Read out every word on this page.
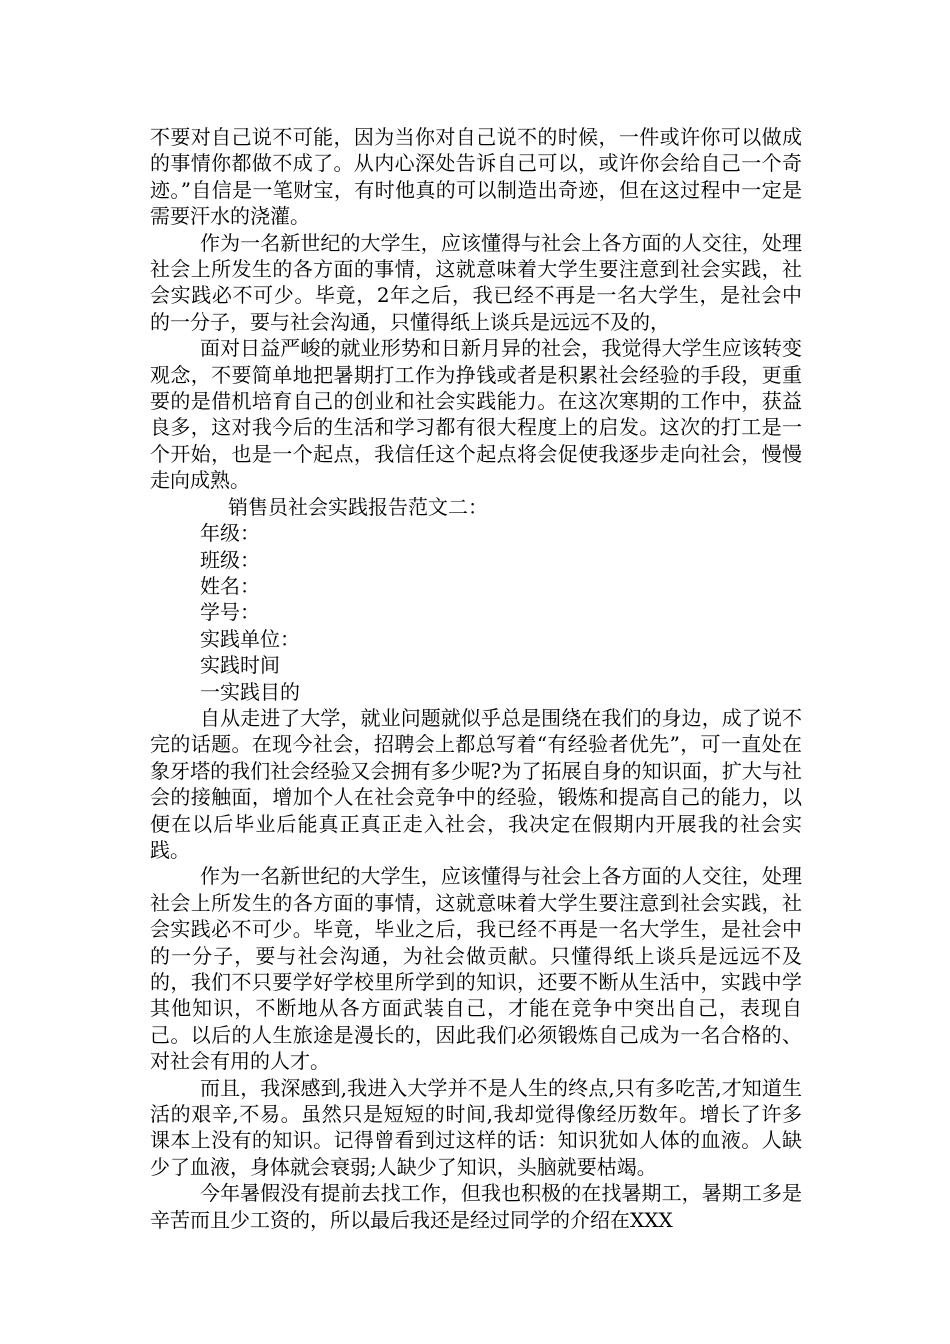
不要对自己说不可能，因为当你对自己说不的时候，一件或许你可以做成的事情你都做不成了。从内心深处告诉自己可以，或许你会给自己一个奇迹。”自信是一笔财宝，有时他真的可以制造出奇迹，但在这过程中一定是需要汗水的浇灌。

作为一名新世纪的大学生，应该懂得与社会上各方面的人交往，处理社会上所发生的各方面的事情，这就意味着大学生要注意到社会实践，社会实践必不可少。毕竟，2年之后，我已经不再是一名大学生，是社会中的一分子，要与社会沟通，只懂得纸上谈兵是远远不及的，

面对日益严峻的就业形势和日新月异的社会，我觉得大学生应该转变观念，不要简单地把暑期打工作为挣钱或者是积累社会经验的手段，更重要的是借机培育自己的创业和社会实践能力。在这次寒期的工作中，获益良多，这对我今后的生活和学习都有很大程度上的启发。这次的打工是一个开始，也是一个起点，我信任这个起点将会促使我逐步走向社会，慢慢走向成熟。

销售员社会实践报告范文二：

年级：

班级：

姓名：

学号：

实践单位：

实践时间

一实践目的

自从走进了大学，就业问题就似乎总是围绕在我们的身边，成了说不完的话题。在现今社会，招聘会上都总写着“有经验者优先”，可一直处在象牙塔的我们社会经验又会拥有多少呢?为了拓展自身的知识面，扩大与社会的接触面，增加个人在社会竞争中的经验，锻炼和提高自己的能力，以便在以后毕业后能真正真正走入社会，我决定在假期内开展我的社会实践。

作为一名新世纪的大学生，应该懂得与社会上各方面的人交往，处理社会上所发生的各方面的事情，这就意味着大学生要注意到社会实践，社会实践必不可少。毕竟，毕业之后，我已经不再是一名大学生，是社会中的一分子，要与社会沟通，为社会做贡献。只懂得纸上谈兵是远远不及的，我们不只要学好学校里所学到的知识，还要不断从生活中，实践中学其他知识，不断地从各方面武装自己，才能在竞争中突出自己，表现自己。以后的人生旅途是漫长的，因此我们必须锻炼自己成为一名合格的、对社会有用的人才。

而且，我深感到,我进入大学并不是人生的终点,只有多吃苦,才知道生活的艰辛,不易。虽然只是短短的时间,我却觉得像经历数年。增长了许多课本上没有的知识。记得曾看到过这样的话：知识犹如人体的血液。人缺少了血液，身体就会衰弱;人缺少了知识，头脑就要枯竭。

今年暑假没有提前去找工作，但我也积极的在找暑期工，暑期工多是辛苦而且少工资的，所以最后我还是经过同学的介绍在XXX
